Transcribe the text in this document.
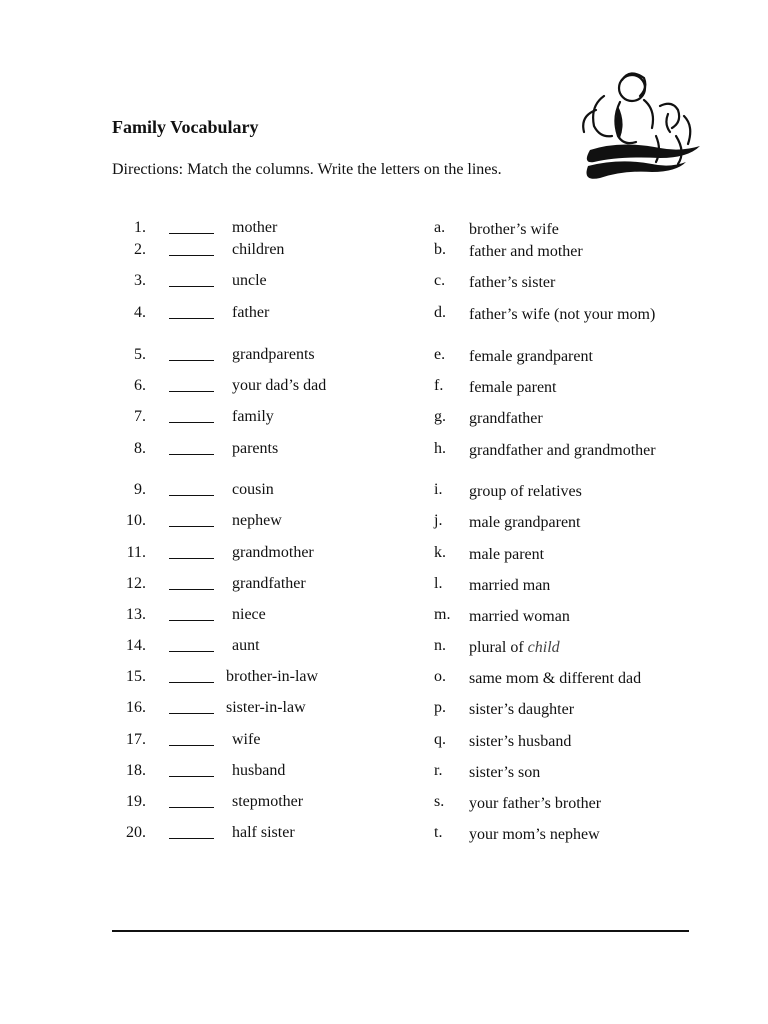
Family Vocabulary
Directions: Match the columns. Write the letters on the lines.
1.	mother	a. brother’s wife
2.	children	b. father and mother
3.	uncle	c. father’s sister
4.	father	d. father’s wife (not your mom)
5.	grandparents	e. female grandparent
6.	your dad’s dad	f. female parent
7.	family	g. grandfather
8.	parents	h. grandfather and grandmother
9.	cousin	i. group of relatives
10.	nephew	j. male grandparent
11.	grandmother	k. male parent
12.	grandfather	l. married man
13.	niece	m. married woman
14.	aunt	n. plural of child
15.	brother-in-law	o. same mom & different dad
16.	sister-in-law	p. sister’s daughter
17.	wife	q. sister’s husband
18.	husband	r. sister’s son
19.	stepmother	s. your father’s brother
20.	half sister	t. your mom’s nephew
